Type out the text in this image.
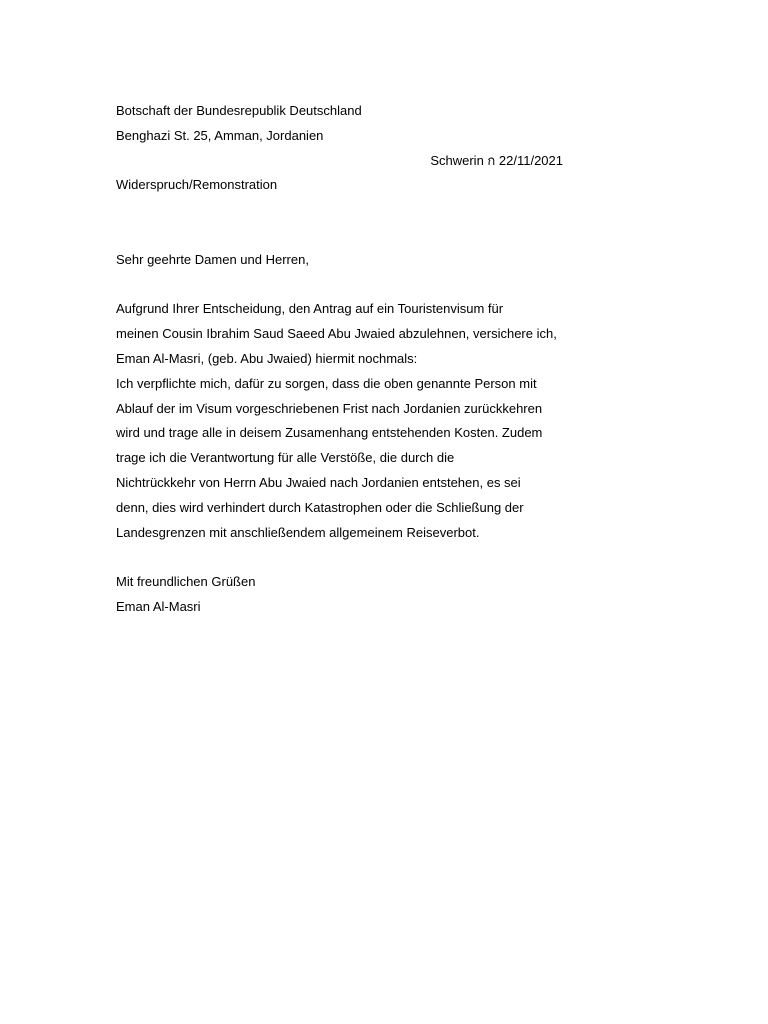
Botschaft der Bundesrepublik Deutschland
Benghazi St. 25, Amman, Jordanien
Schwerin ก 22/11/2021
Widerspruch/Remonstration
Sehr geehrte Damen und Herren,
Aufgrund Ihrer Entscheidung, den Antrag auf ein Touristenvisum für
meinen Cousin Ibrahim Saud Saeed Abu Jwaied abzulehnen, versichere ich,
Eman Al-Masri, (geb. Abu Jwaied) hiermit nochmals:
Ich verpflichte mich, dafür zu sorgen, dass die oben genannte Person mit
Ablauf der im Visum vorgeschriebenen Frist nach Jordanien zurückkehren
wird und trage alle in deisem Zusamenhang entstehenden Kosten. Zudem
trage ich die Verantwortung für alle Verstöße, die durch die
Nichtrückkehr von Herrn Abu Jwaied nach Jordanien entstehen, es sei
denn, dies wird verhindert durch Katastrophen oder die Schließung der
Landesgrenzen mit anschließendem allgemeinem Reiseverbot.
Mit freundlichen Grüßen
Eman Al-Masri
